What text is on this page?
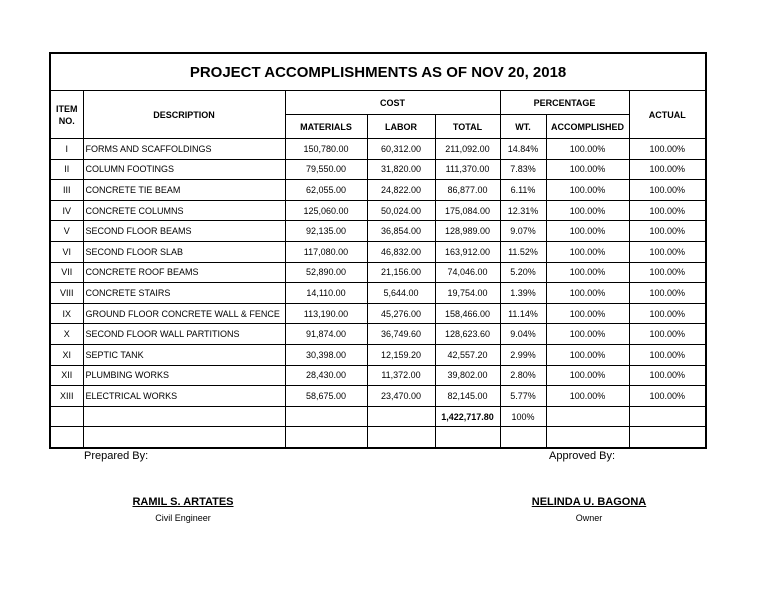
PROJECT ACCOMPLISHMENTS AS OF NOV 20, 2018							
ITEM NO.	DESCRIPTION	COST			PERCENTAGE		ACTUAL
		MATERIALS	LABOR	TOTAL	WT.	ACCOMPLISHED	
I	FORMS AND SCAFFOLDINGS	150,780.00	60,312.00	211,092.00	14.84%	100.00%	100.00%
II	COLUMN FOOTINGS	79,550.00	31,820.00	111,370.00	7.83%	100.00%	100.00%
III	CONCRETE TIE BEAM	62,055.00	24,822.00	86,877.00	6.11%	100.00%	100.00%
IV	CONCRETE COLUMNS	125,060.00	50,024.00	175,084.00	12.31%	100.00%	100.00%
V	SECOND FLOOR BEAMS	92,135.00	36,854.00	128,989.00	9.07%	100.00%	100.00%
VI	SECOND FLOOR SLAB	117,080.00	46,832.00	163,912.00	11.52%	100.00%	100.00%
VII	CONCRETE ROOF BEAMS	52,890.00	21,156.00	74,046.00	5.20%	100.00%	100.00%
VIII	CONCRETE STAIRS	14,110.00	5,644.00	19,754.00	1.39%	100.00%	100.00%
IX	GROUND FLOOR CONCRETE WALL & FENCE	113,190.00	45,276.00	158,466.00	11.14%	100.00%	100.00%
X	SECOND FLOOR WALL PARTITIONS	91,874.00	36,749.60	128,623.60	9.04%	100.00%	100.00%
XI	SEPTIC TANK	30,398.00	12,159.20	42,557.20	2.99%	100.00%	100.00%
XII	PLUMBING WORKS	28,430.00	11,372.00	39,802.00	2.80%	100.00%	100.00%
XIII	ELECTRICAL WORKS	58,675.00	23,470.00	82,145.00	5.77%	100.00%	100.00%
				1,422,717.80	100%		

Prepared By:	Approved By:
RAMIL S. ARTATES
Civil Engineer
NELINDA U. BAGONA
Owner
